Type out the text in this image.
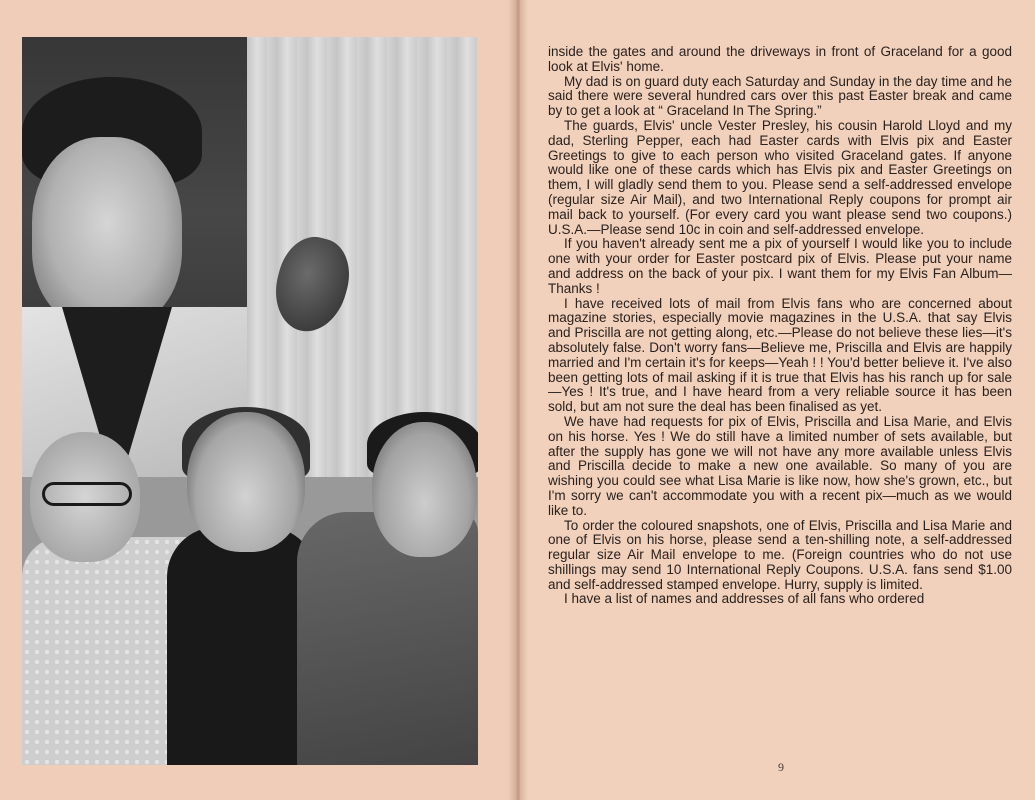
inside the gates and around the driveways in front of Graceland for a good look at Elvis' home.

My dad is on guard duty each Saturday and Sunday in the day time and he said there were several hundred cars over this past Easter break and came by to get a look at “ Graceland In The Spring.”

The guards, Elvis' uncle Vester Presley, his cousin Harold Lloyd and my dad, Sterling Pepper, each had Easter cards with Elvis pix and Easter Greetings to give to each person who visited Graceland gates. If anyone would like one of these cards which has Elvis pix and Easter Greetings on them, I will gladly send them to you. Please send a self-addressed envelope (regular size Air Mail), and two International Reply coupons for prompt air mail back to yourself. (For every card you want please send two coupons.) U.S.A.—Please send 10c in coin and self-addressed envelope.

If you haven't already sent me a pix of yourself I would like you to include one with your order for Easter postcard pix of Elvis. Please put your name and address on the back of your pix. I want them for my Elvis Fan Album—Thanks !

I have received lots of mail from Elvis fans who are concerned about magazine stories, especially movie magazines in the U.S.A. that say Elvis and Priscilla are not getting along, etc.—Please do not believe these lies—it's absolutely false. Don't worry fans—Believe me, Priscilla and Elvis are happily married and I'm certain it's for keeps—Yeah ! ! You'd better believe it. I've also been getting lots of mail asking if it is true that Elvis has his ranch up for sale—Yes ! It's true, and I have heard from a very reliable source it has been sold, but am not sure the deal has been finalised as yet.

We have had requests for pix of Elvis, Priscilla and Lisa Marie, and Elvis on his horse. Yes ! We do still have a limited number of sets available, but after the supply has gone we will not have any more available unless Elvis and Priscilla decide to make a new one available. So many of you are wishing you could see what Lisa Marie is like now, how she's grown, etc., but I'm sorry we can't accommodate you with a recent pix—much as we would like to.

To order the coloured snapshots, one of Elvis, Priscilla and Lisa Marie and one of Elvis on his horse, please send a ten-shilling note, a self-addressed regular size Air Mail envelope to me. (Foreign countries who do not use shillings may send 10 International Reply Coupons. U.S.A. fans send $1.00 and self-addressed stamped envelope. Hurry, supply is limited.

I have a list of names and addresses of all fans who ordered

9
